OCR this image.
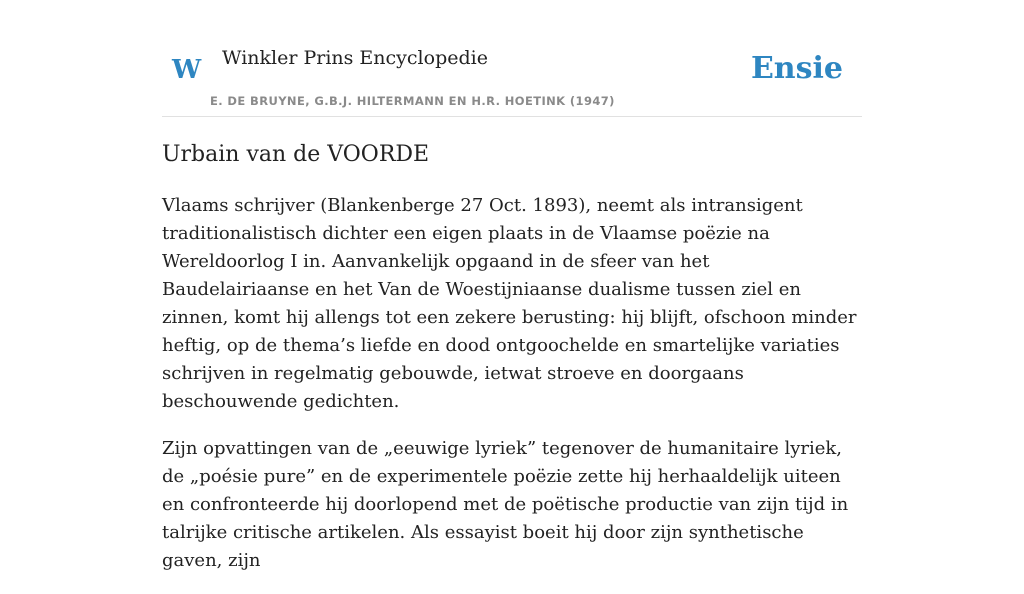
W Winkler Prins Encyclopedie	Ensie
E. DE BRUYNE, G.B.J. HILTERMANN EN H.R. HOETINK (1947)
Urbain van de VOORDE

Vlaams schrijver (Blankenberge 27 Oct. 1893), neemt als intransigent traditionalistisch dichter een eigen plaats in de Vlaamse poëzie na Wereldoorlog I in. Aanvankelijk opgaand in de sfeer van het Baudelairiaanse en het Van de Woestijniaanse dualisme tussen ziel en zinnen, komt hij allengs tot een zekere berusting: hij blijft, ofschoon minder heftig, op de thema’s liefde en dood ontgoochelde en smartelijke variaties schrijven in regelmatig gebouwde, ietwat stroeve en doorgaans beschouwende gedichten.

Zijn opvattingen van de „eeuwige lyriek” tegenover de humanitaire lyriek, de „poésie pure” en de experimentele poëzie zette hij herhaaldelijk uiteen en confronteerde hij doorlopend met de poëtische productie van zijn tijd in talrijke critische artikelen. Als essayist boeit hij door zijn synthetische gaven, zijn
